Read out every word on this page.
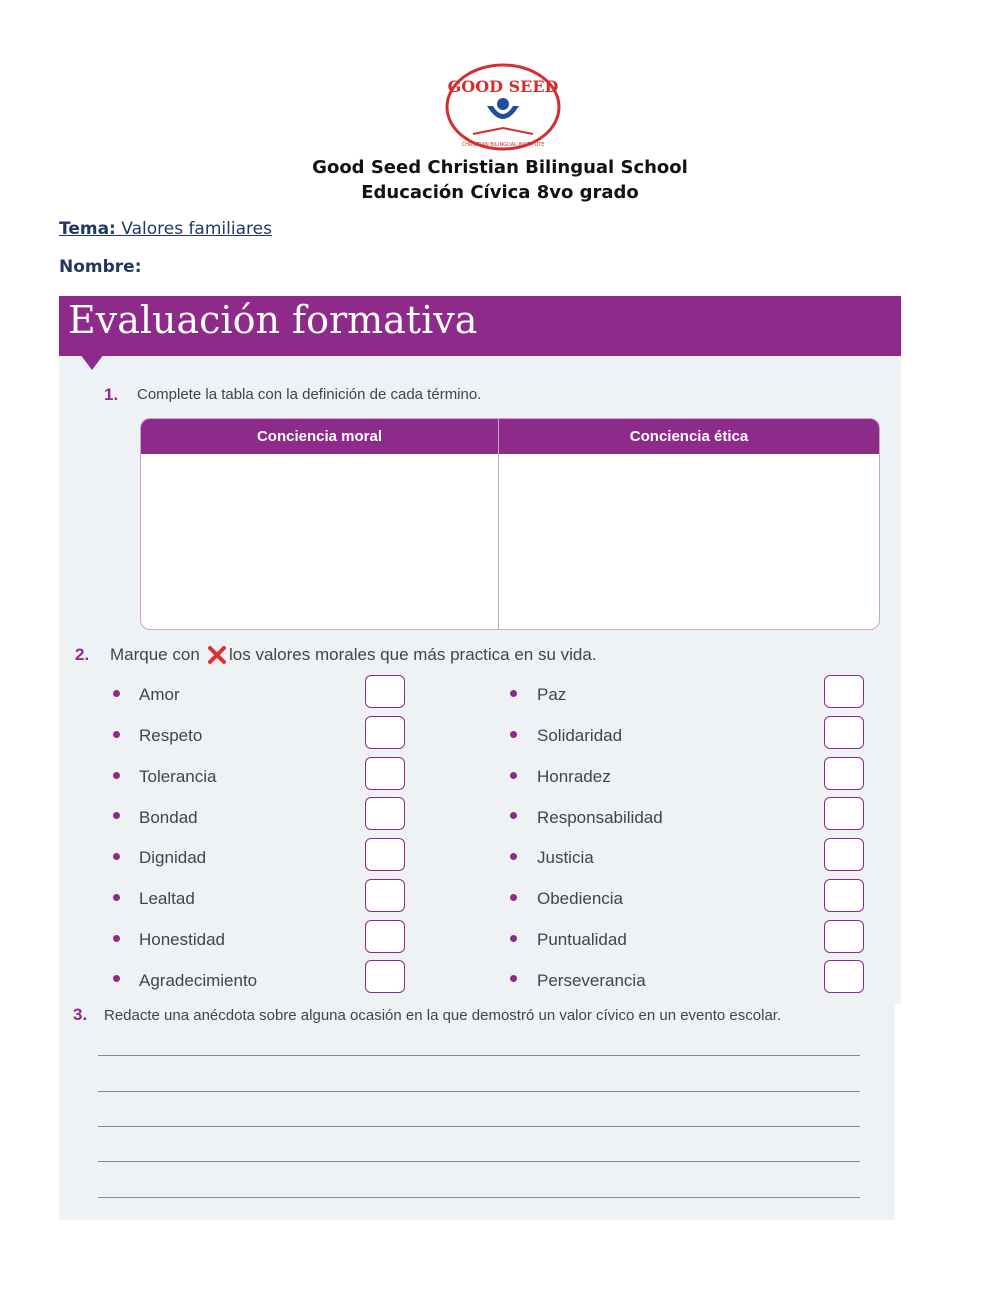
GOOD SEED
CHRISTIAN BILINGUAL INSTITUTE
Good Seed Christian Bilingual School
Educación Cívica 8vo grado
Tema: Valores familiares
Nombre:
Evaluación formativa
1. Complete la tabla con la definición de cada término.
Conciencia moral	Conciencia ética
2. Marque con los valores morales que más practica en su vida.
Amor
Respeto
Tolerancia
Bondad
Dignidad
Lealtad
Honestidad
Agradecimiento
Paz
Solidaridad
Honradez
Responsabilidad
Justicia
Obediencia
Puntualidad
Perseverancia
3. Redacte una anécdota sobre alguna ocasión en la que demostró un valor cívico en un evento escolar.
